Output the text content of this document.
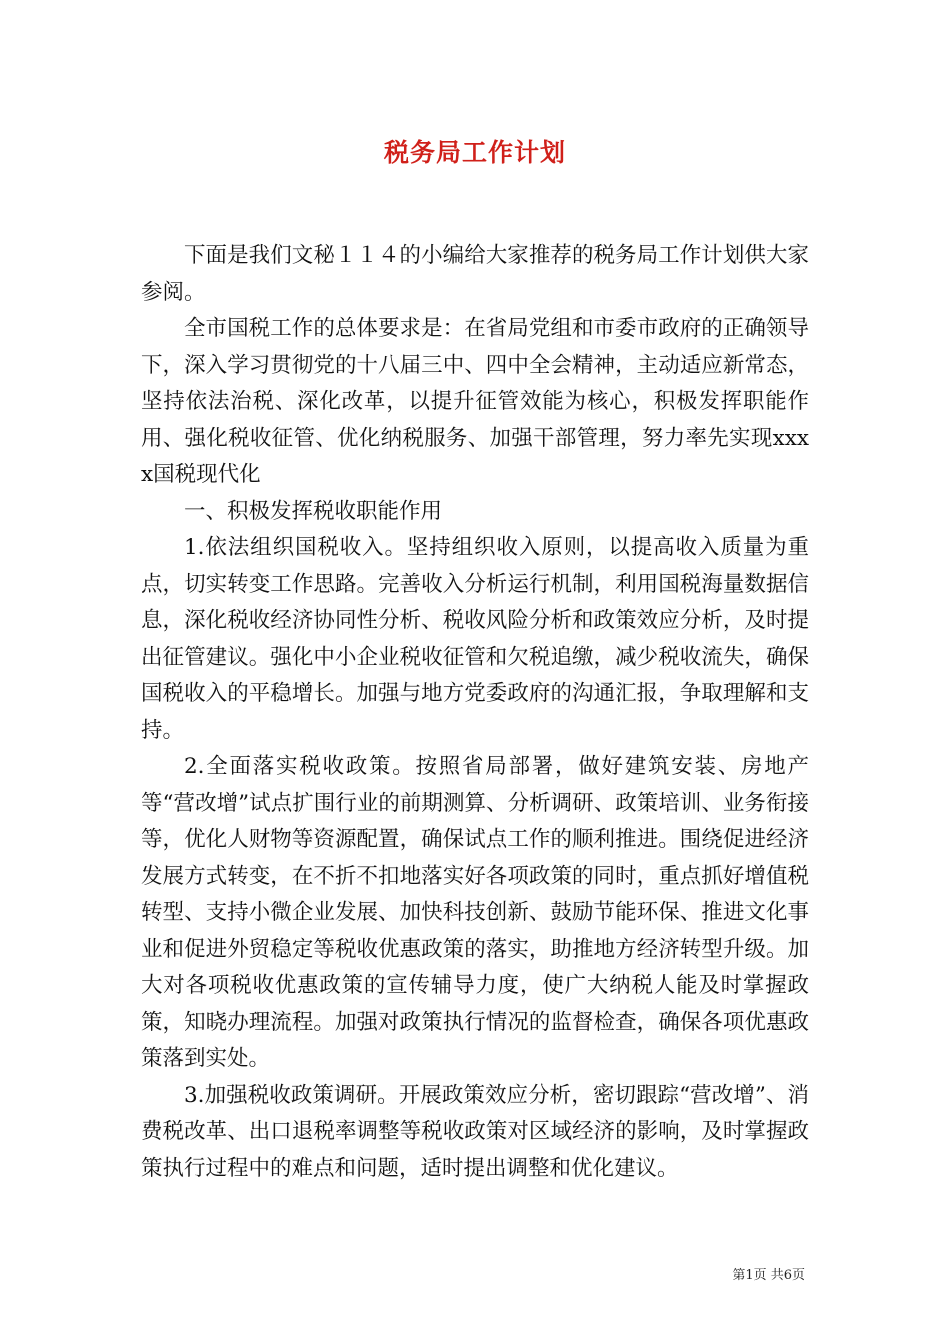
税务局工作计划

下面是我们文秘１１４的小编给大家推荐的税务局工作计划供大家参阅。

全市国税工作的总体要求是：在省局党组和市委市政府的正确领导下，深入学习贯彻党的十八届三中、四中全会精神，主动适应新常态，坚持依法治税、深化改革，以提升征管效能为核心，积极发挥职能作用、强化税收征管、优化纳税服务、加强干部管理，努力率先实现xxxx国税现代化

一、积极发挥税收职能作用

1.依法组织国税收入。坚持组织收入原则，以提高收入质量为重点，切实转变工作思路。完善收入分析运行机制，利用国税海量数据信息，深化税收经济协同性分析、税收风险分析和政策效应分析，及时提出征管建议。强化中小企业税收征管和欠税追缴，减少税收流失，确保国税收入的平稳增长。加强与地方党委政府的沟通汇报，争取理解和支持。

2.全面落实税收政策。按照省局部署，做好建筑安装、房地产等“营改增”试点扩围行业的前期测算、分析调研、政策培训、业务衔接等，优化人财物等资源配置，确保试点工作的顺利推进。围绕促进经济发展方式转变，在不折不扣地落实好各项政策的同时，重点抓好增值税转型、支持小微企业发展、加快科技创新、鼓励节能环保、推进文化事业和促进外贸稳定等税收优惠政策的落实，助推地方经济转型升级。加大对各项税收优惠政策的宣传辅导力度，使广大纳税人能及时掌握政策，知晓办理流程。加强对政策执行情况的监督检查，确保各项优惠政策落到实处。

3.加强税收政策调研。开展政策效应分析，密切跟踪“营改增”、消费税改革、出口退税率调整等税收政策对区域经济的影响，及时掌握政策执行过程中的难点和问题，适时提出调整和优化建议。

第1页 共6页
